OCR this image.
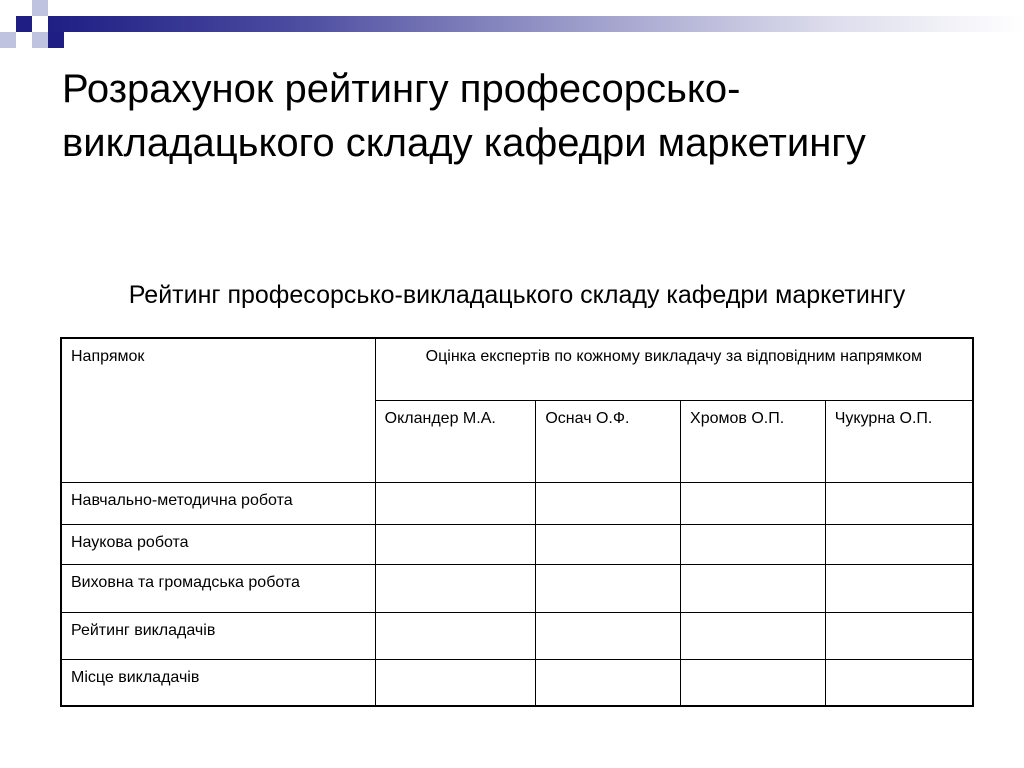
Розрахунок рейтингу професорсько-викладацького складу кафедри маркетингу
Рейтинг професорсько-викладацького складу кафедри маркетингу
Напрямок	Оцінка експертів по кожному викладачу за відповідним напрямком			
	Окландер М.А.	Оснач О.Ф.	Хромов О.П.	Чукурна О.П.
Навчально-методична робота				
Наукова робота				
Виховна та громадська робота				
Рейтинг викладачів				
Місце викладачів				
